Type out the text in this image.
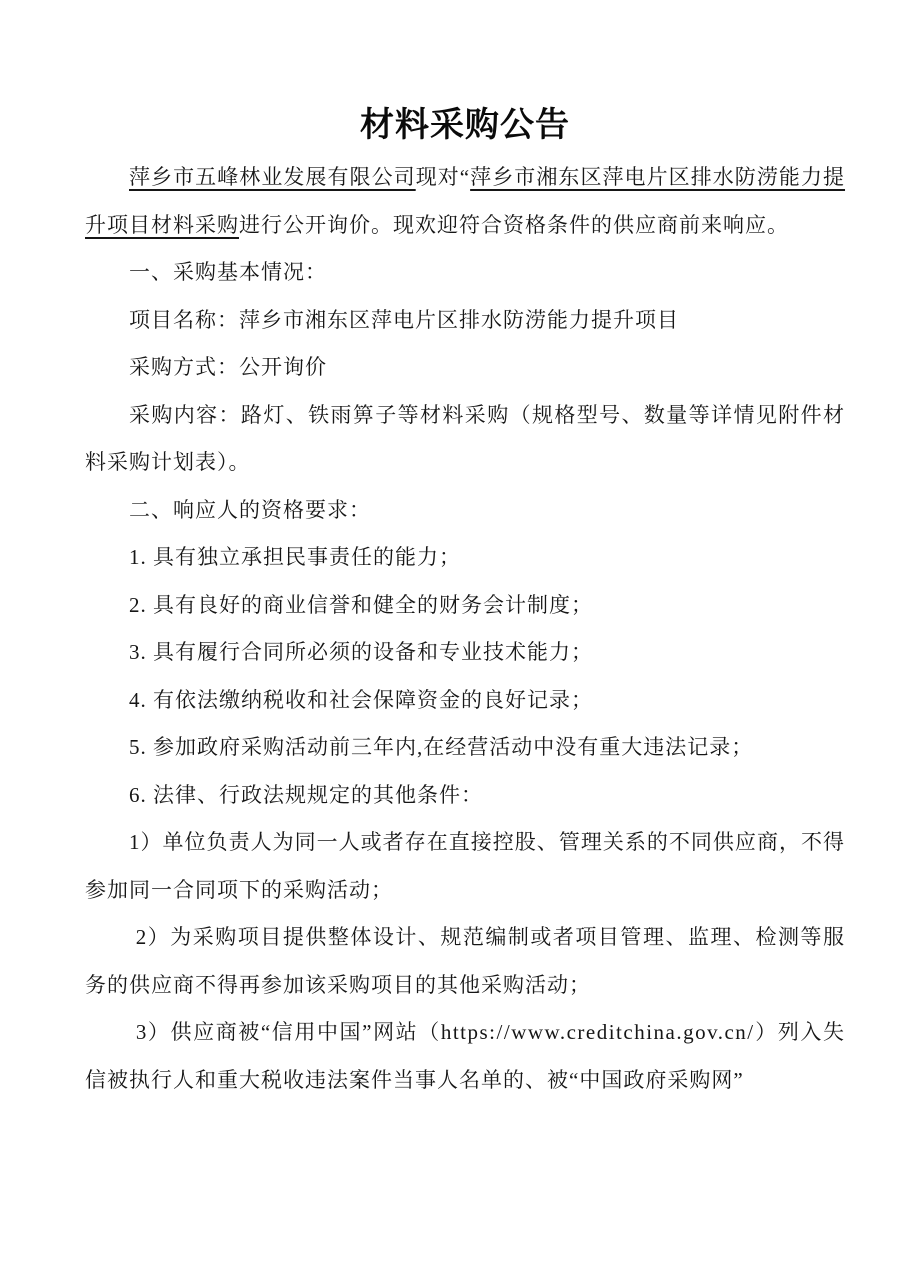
材料采购公告

萍乡市五峰林业发展有限公司现对“萍乡市湘东区萍电片区排水防涝能力提升项目材料采购进行公开询价。现欢迎符合资格条件的供应商前来响应。

一、采购基本情况：

项目名称：萍乡市湘东区萍电片区排水防涝能力提升项目

采购方式：公开询价

采购内容：路灯、铁雨箅子等材料采购（规格型号、数量等详情见附件材料采购计划表）。

二、响应人的资格要求：

1. 具有独立承担民事责任的能力；

2. 具有良好的商业信誉和健全的财务会计制度；

3. 具有履行合同所必须的设备和专业技术能力；

4. 有依法缴纳税收和社会保障资金的良好记录；

5. 参加政府采购活动前三年内,在经营活动中没有重大违法记录；

6. 法律、行政法规规定的其他条件：

1）单位负责人为同一人或者存在直接控股、管理关系的不同供应商，不得参加同一合同项下的采购活动；

2）为采购项目提供整体设计、规范编制或者项目管理、监理、检测等服务的供应商不得再参加该采购项目的其他采购活动；

3）供应商被“信用中国”网站（https://www.creditchina.gov.cn/）列入失信被执行人和重大税收违法案件当事人名单的、被“中国政府采购网”
